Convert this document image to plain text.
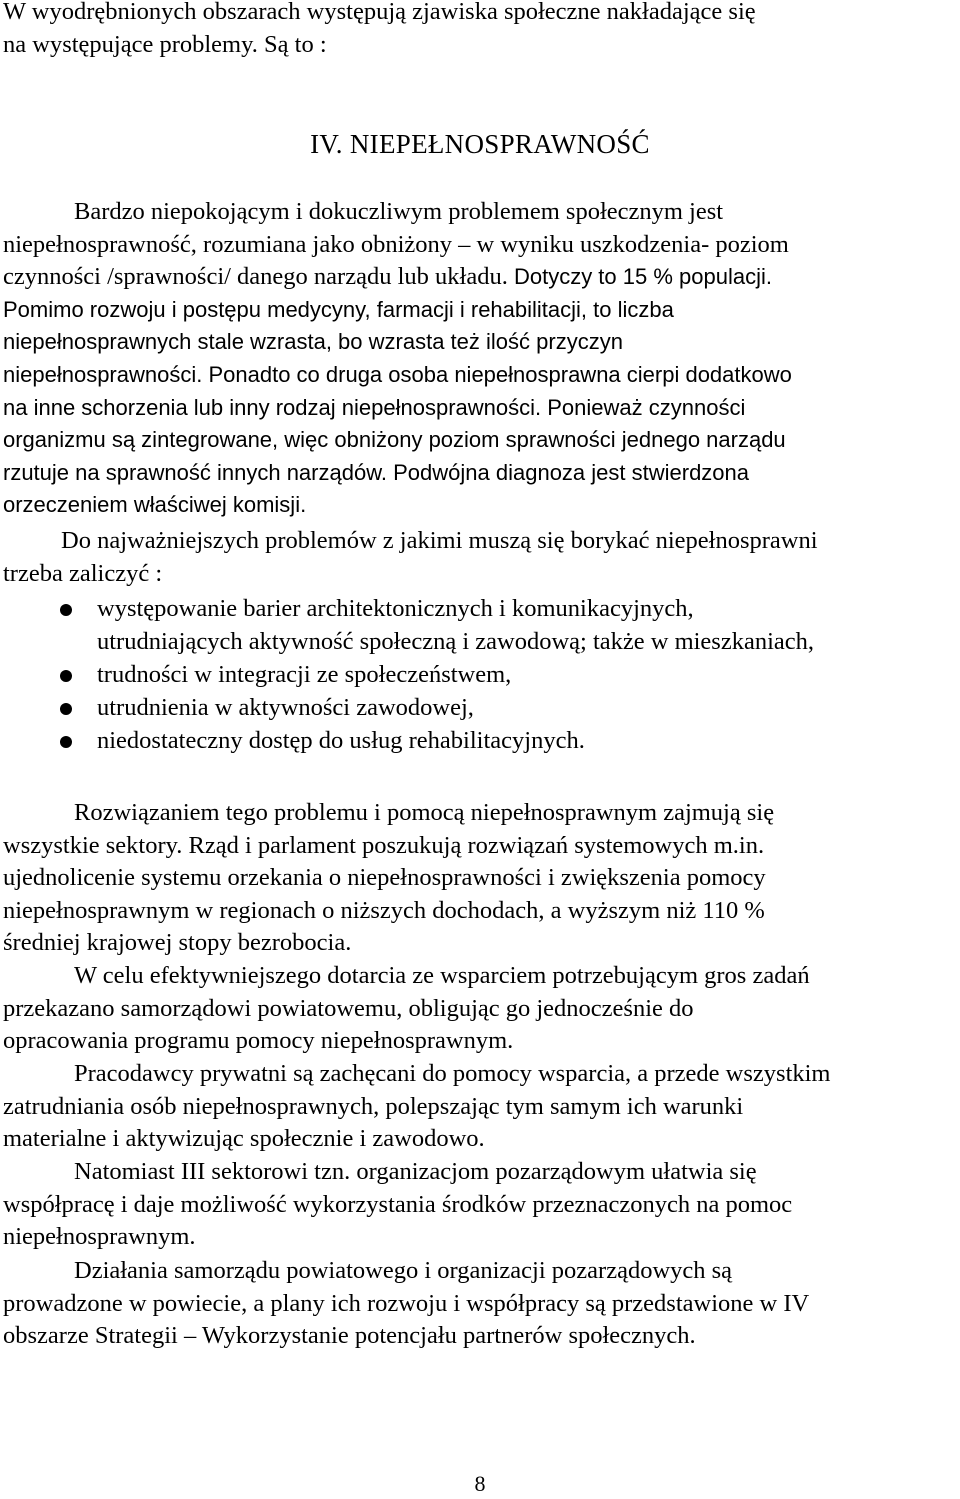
W wyodrębnionych obszarach występują zjawiska społeczne nakładające się
na występujące problemy. Są to :
IV. NIEPEŁNOSPRAWNOŚĆ
Bardzo niepokojącym i dokuczliwym problemem społecznym jest
niepełnosprawność, rozumiana jako obniżony – w wyniku uszkodzenia- poziom
czynności /sprawności/ danego narządu lub układu. Dotyczy to 15 % populacji.
Pomimo rozwoju i postępu medycyny, farmacji i rehabilitacji, to liczba
niepełnosprawnych stale wzrasta, bo wzrasta też ilość przyczyn
niepełnosprawności. Ponadto co druga osoba niepełnosprawna cierpi dodatkowo
na inne schorzenia lub inny rodzaj niepełnosprawności. Ponieważ czynności
organizmu są zintegrowane, więc obniżony poziom sprawności jednego narządu
rzutuje na sprawność innych narządów. Podwójna diagnoza jest stwierdzona
orzeczeniem właściwej komisji.
Do najważniejszych problemów z jakimi muszą się borykać niepełnosprawni
trzeba zaliczyć :
występowanie barier architektonicznych i komunikacyjnych,
utrudniających aktywność społeczną i zawodową; także w mieszkaniach,
trudności w integracji ze społeczeństwem,
utrudnienia w aktywności zawodowej,
niedostateczny dostęp do usług rehabilitacyjnych.
Rozwiązaniem tego problemu i pomocą niepełnosprawnym zajmują się
wszystkie sektory. Rząd i parlament poszukują rozwiązań systemowych m.in.
ujednolicenie systemu orzekania o niepełnosprawności i zwiększenia pomocy
niepełnosprawnym w regionach o niższych dochodach, a wyższym niż 110 %
średniej krajowej stopy bezrobocia.
W celu efektywniejszego dotarcia ze wsparciem potrzebującym gros zadań
przekazano samorządowi powiatowemu, obligując go jednocześnie do
opracowania programu pomocy niepełnosprawnym.
Pracodawcy prywatni są zachęcani do pomocy wsparcia, a przede wszystkim
zatrudniania osób niepełnosprawnych, polepszając tym samym ich warunki
materialne i aktywizując społecznie i zawodowo.
Natomiast III sektorowi tzn. organizacjom pozarządowym ułatwia się
współpracę i daje możliwość wykorzystania środków przeznaczonych na pomoc
niepełnosprawnym.
Działania samorządu powiatowego i organizacji pozarządowych są
prowadzone w powiecie, a plany ich rozwoju i współpracy są przedstawione w IV
obszarze Strategii – Wykorzystanie potencjału partnerów społecznych.
8
